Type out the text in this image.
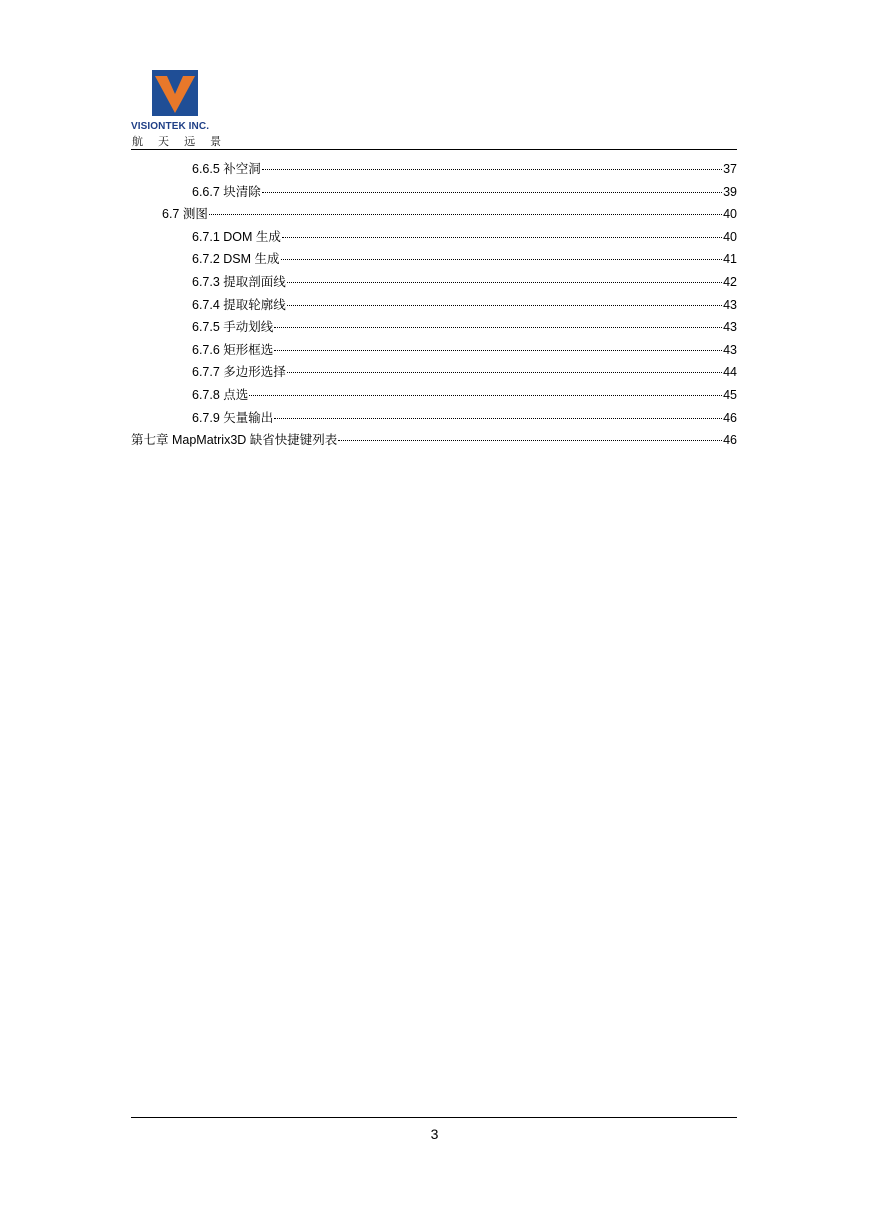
VISIONTEK INC.
航 天 远 景
6.6.5 补空洞	37
6.6.7 块清除	39
6.7 测图	40
6.7.1 DOM 生成	40
6.7.2 DSM 生成	41
6.7.3 提取剖面线	42
6.7.4 提取轮廓线	43
6.7.5 手动划线	43
6.7.6 矩形框选	43
6.7.7 多边形选择	44
6.7.8 点选	45
6.7.9 矢量输出	46
第七章 MapMatrix3D 缺省快捷键列表	46
3
